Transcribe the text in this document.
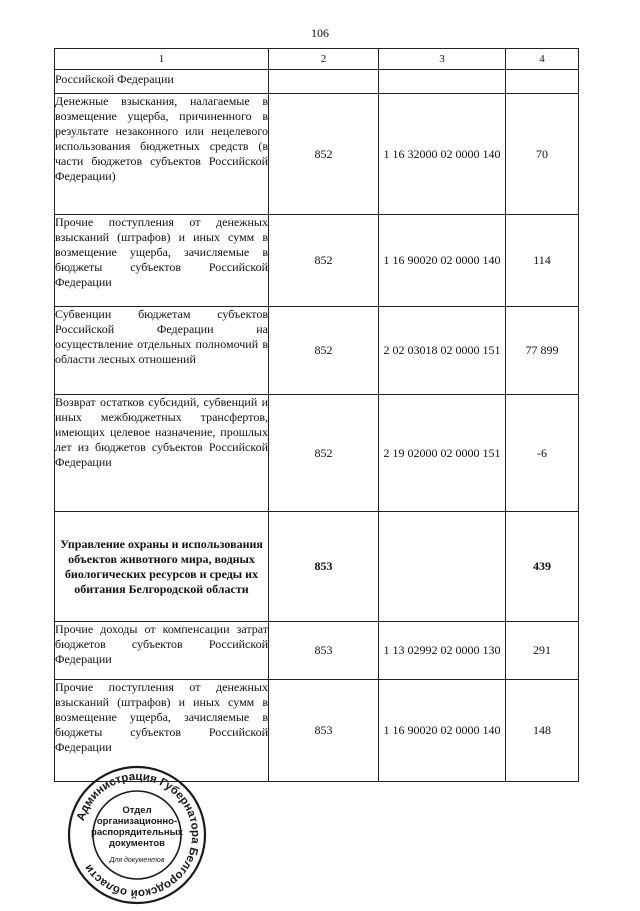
106
1	2	3	4
Российской Федерации			
Денежные взыскания, налагаемые в возмещение ущерба, причиненного в результате незаконного или нецелевого использования бюджетных средств (в части бюджетов субъектов Российской Федерации)	852	1 16 32000 02 0000 140	70
Прочие поступления от денежных взысканий (штрафов) и иных сумм в возмещение ущерба, зачисляемые в бюджеты субъектов Российской Федерации	852	1 16 90020 02 0000 140	114
Субвенции бюджетам субъектов Российской Федерации на осуществление отдельных полномочий в области лесных отношений	852	2 02 03018 02 0000 151	77 899
Возврат остатков субсидий, субвенций и иных межбюджетных трансфертов, имеющих целевое назначение, прошлых лет из бюджетов субъектов Российской Федерации	852	2 19 02000 02 0000 151	-6
Управление охраны и использования объектов животного мира, водных биологических ресурсов и среды их обитания Белгородской области	853		439
Прочие доходы от компенсации затрат бюджетов субъектов Российской Федерации	853	1 13 02992 02 0000 130	291
Прочие поступления от денежных взысканий (штрафов) и иных сумм в возмещение ущерба, зачисляемые в бюджеты субъектов Российской Федерации	853	1 16 90020 02 0000 140	148
Администрация Губернатора Белгородской области
Отдел
организационно-
распорядительных
документов
Для документов
